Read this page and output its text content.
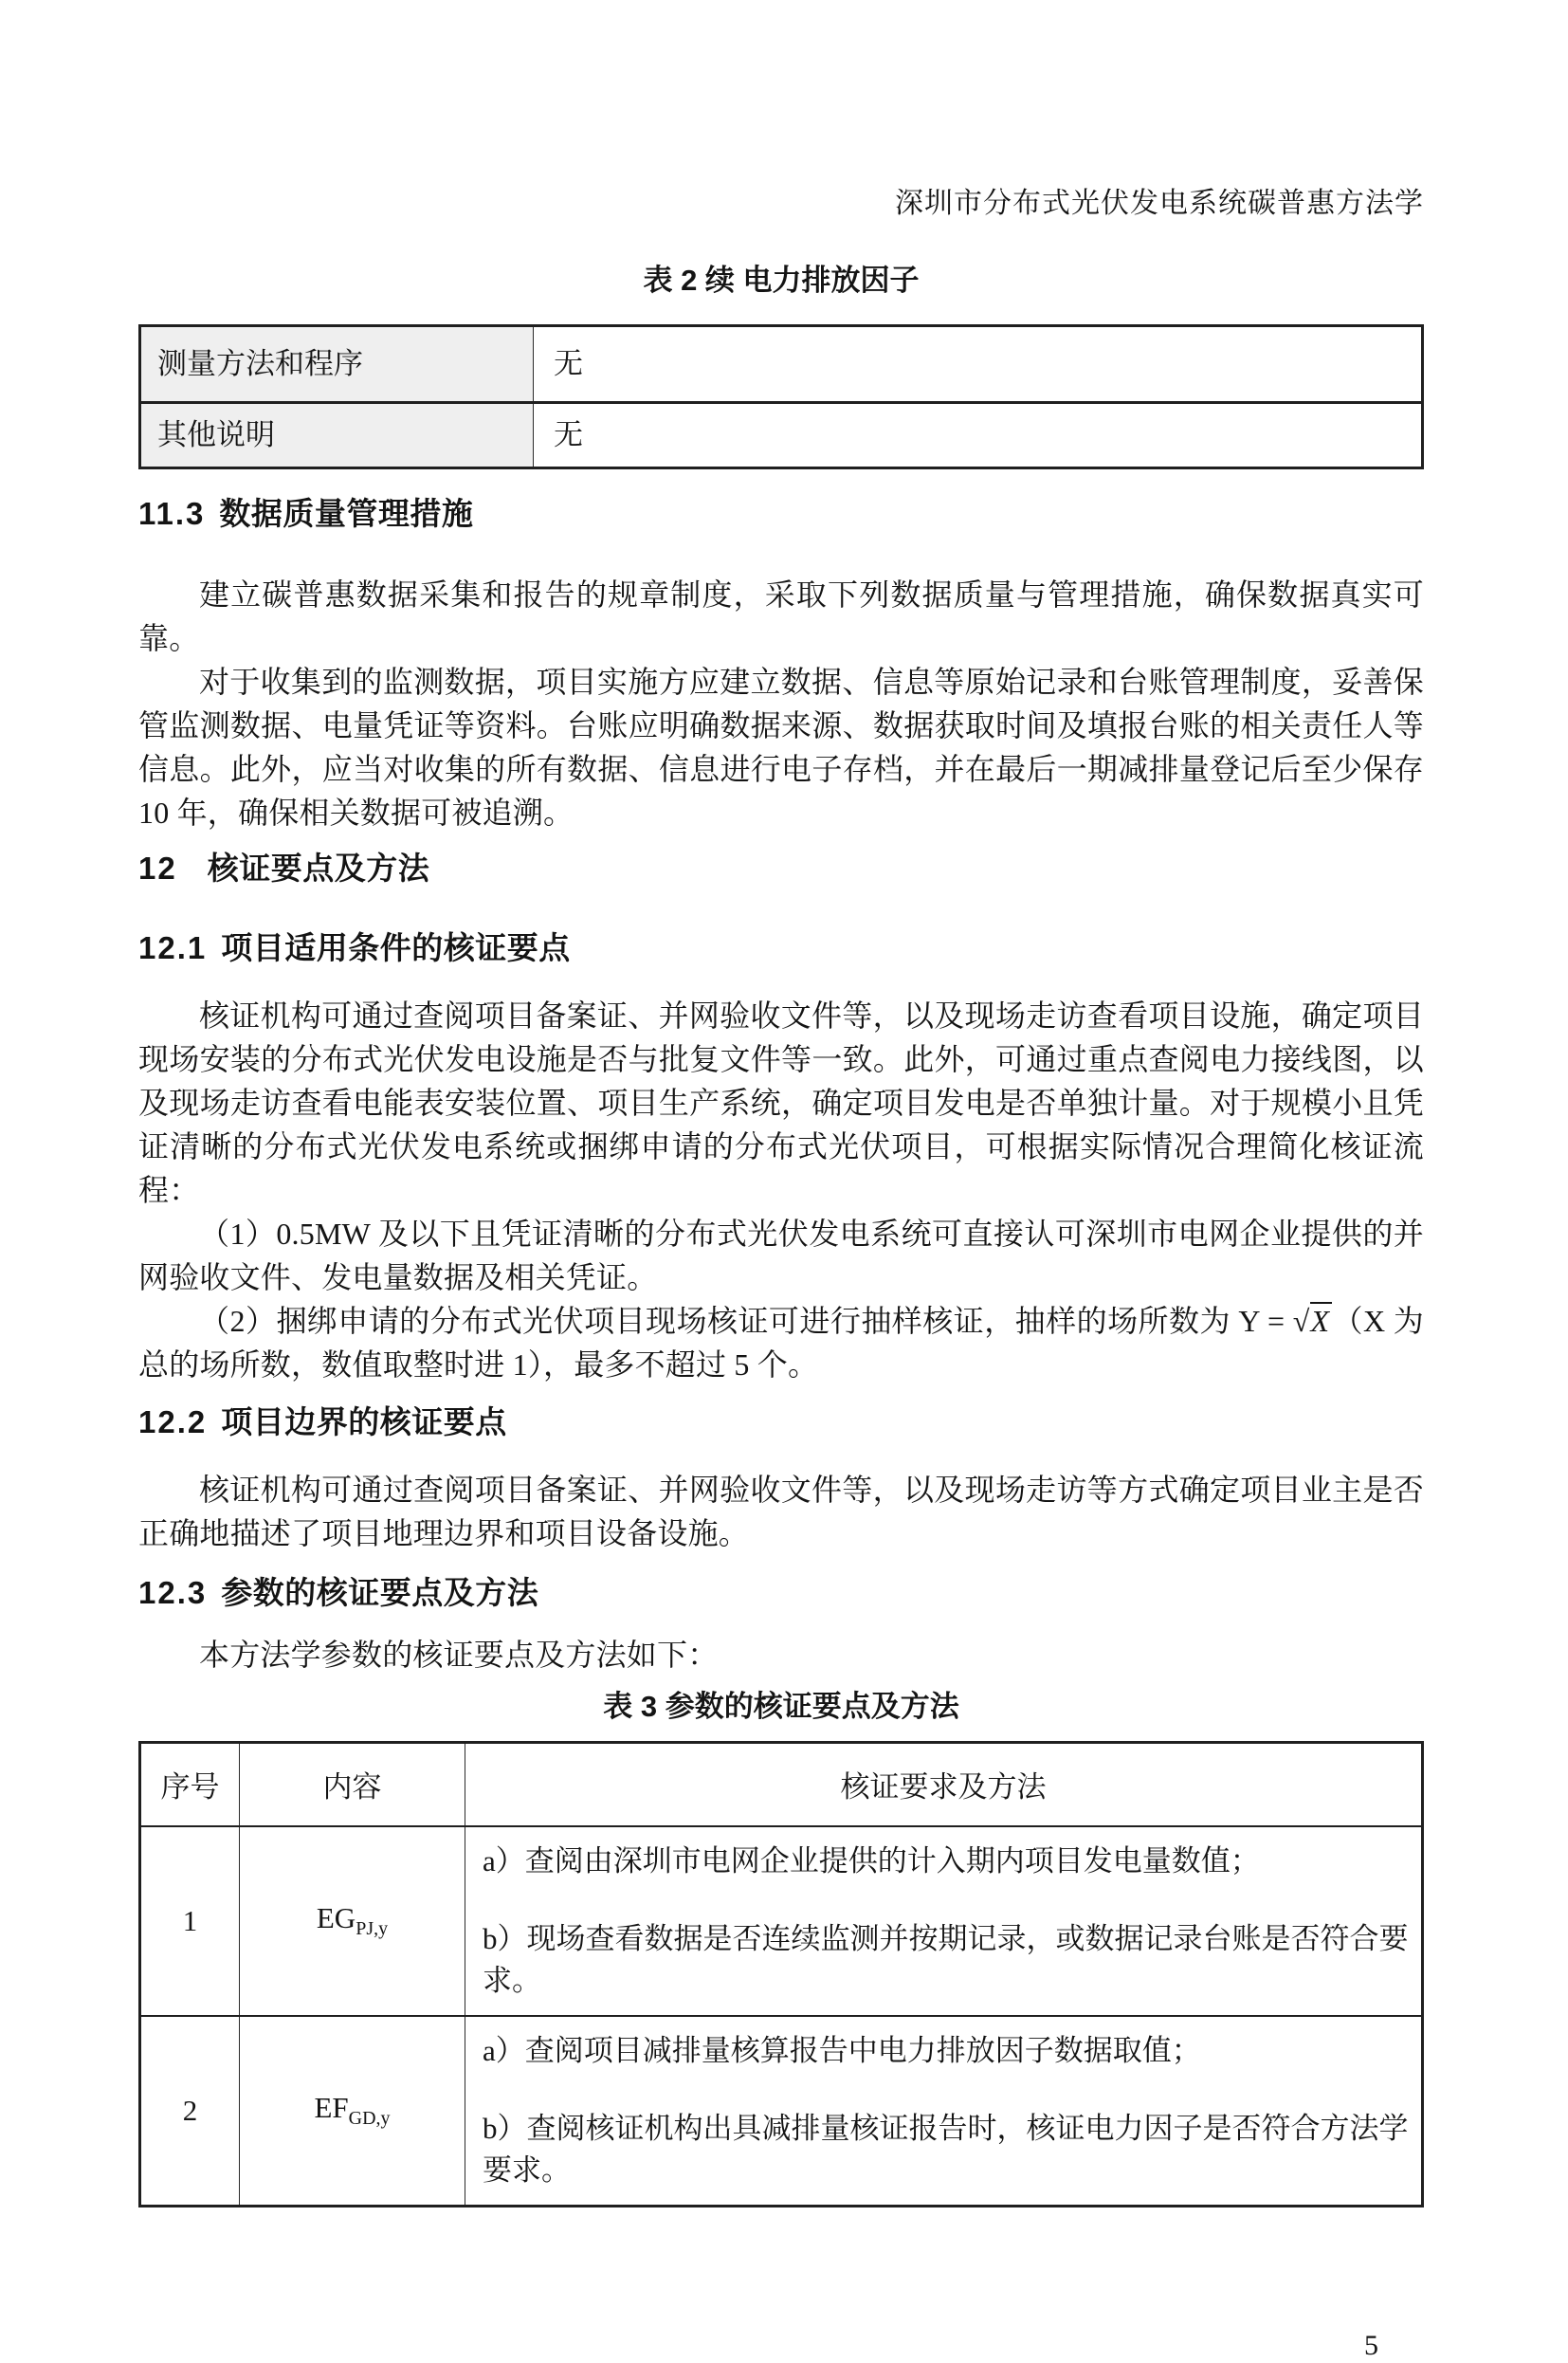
深圳市分布式光伏发电系统碳普惠方法学
表 2 续 电力排放因子
测量方法和程序	无
其他说明	无
11.3 数据质量管理措施

建立碳普惠数据采集和报告的规章制度，采取下列数据质量与管理措施，确保数据真实可靠。

对于收集到的监测数据，项目实施方应建立数据、信息等原始记录和台账管理制度，妥善保管监测数据、电量凭证等资料。台账应明确数据来源、数据获取时间及填报台账的相关责任人等信息。此外，应当对收集的所有数据、信息进行电子存档，并在最后一期减排量登记后至少保存 10 年，确保相关数据可被追溯。

12 核证要点及方法
12.1 项目适用条件的核证要点

核证机构可通过查阅项目备案证、并网验收文件等，以及现场走访查看项目设施，确定项目现场安装的分布式光伏发电设施是否与批复文件等一致。此外，可通过重点查阅电力接线图，以及现场走访查看电能表安装位置、项目生产系统，确定项目发电是否单独计量。对于规模小且凭证清晰的分布式光伏发电系统或捆绑申请的分布式光伏项目，可根据实际情况合理简化核证流程：

（1）0.5MW 及以下且凭证清晰的分布式光伏发电系统可直接认可深圳市电网企业提供的并网验收文件、发电量数据及相关凭证。

（2）捆绑申请的分布式光伏项目现场核证可进行抽样核证，抽样的场所数为 Y = √X（X 为总的场所数，数值取整时进 1），最多不超过 5 个。

12.2 项目边界的核证要点

核证机构可通过查阅项目备案证、并网验收文件等，以及现场走访等方式确定项目业主是否正确地描述了项目地理边界和项目设备设施。

12.3 参数的核证要点及方法

本方法学参数的核证要点及方法如下：

表 3 参数的核证要点及方法
序号	内容	核证要求及方法
1	$EG_{PJ,y}$	a）查阅由深圳市电网企业提供的计入期内项目发电量数值；
b）现场查看数据是否连续监测并按期记录，或数据记录台账是否符合要求。

2	$EF_{GD,y}$	a）查阅项目减排量核算报告中电力排放因子数据取值；
b）查阅核证机构出具减排量核证报告时，核证电力因子是否符合方法学要求。
5
